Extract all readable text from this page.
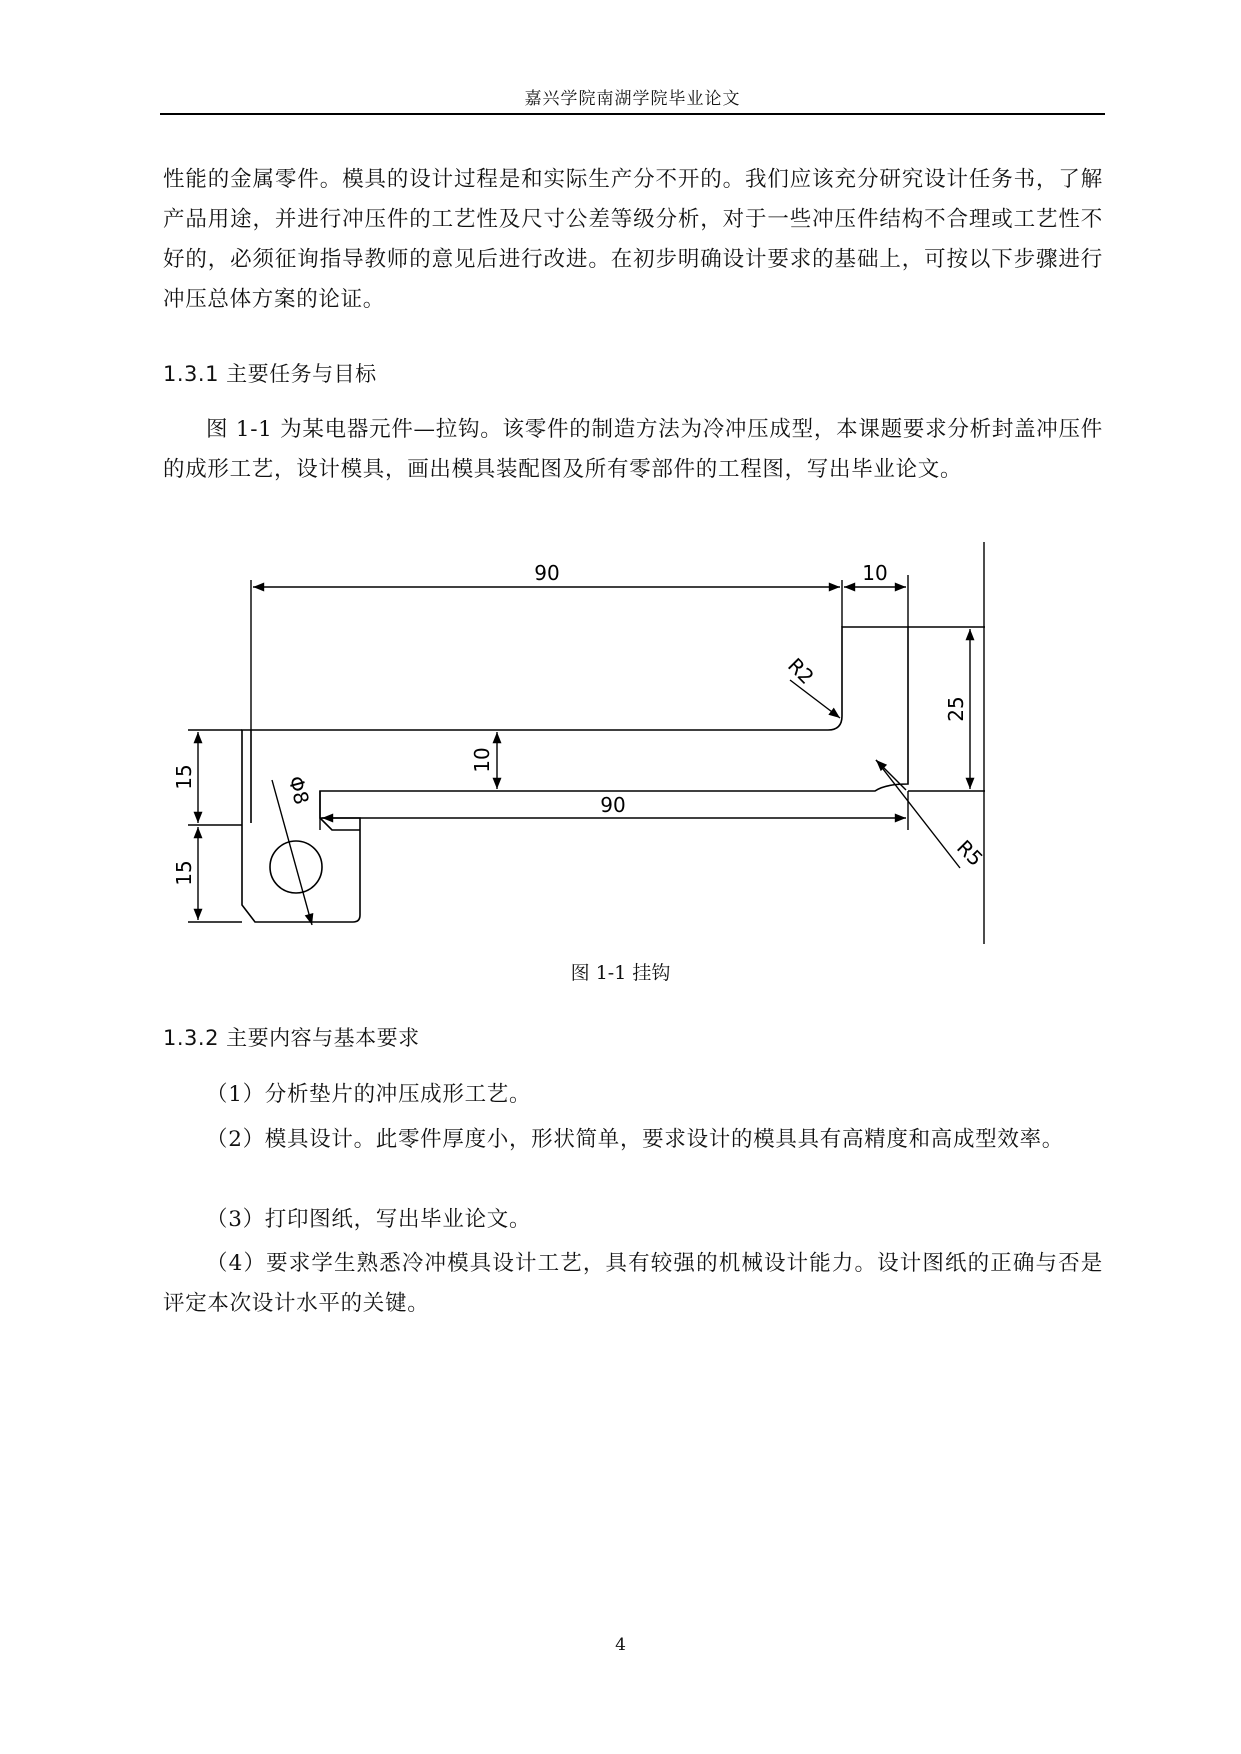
嘉兴学院南湖学院毕业论文

性能的金属零件。模具的设计过程是和实际生产分不开的。我们应该充分研究设计任务书，了解产品用途，并进行冲压件的工艺性及尺寸公差等级分析，对于一些冲压件结构不合理或工艺性不好的，必须征询指导教师的意见后进行改进。在初步明确设计要求的基础上，可按以下步骤进行冲压总体方案的论证。

1.3.1 主要任务与目标

图 1-1 为某电器元件—拉钩。该零件的制造方法为冷冲压成型，本课题要求分析封盖冲压件的成形工艺，设计模具，画出模具装配图及所有零部件的工程图，写出毕业论文。

90	10
25
R2
10
90
R5
15
15
Φ8
图 1-1 挂钩

1.3.2 主要内容与基本要求

（1）分析垫片的冲压成形工艺。

（2）模具设计。此零件厚度小，形状简单，要求设计的模具具有高精度和高成型效率。

（3）打印图纸，写出毕业论文。

（4）要求学生熟悉冷冲模具设计工艺，具有较强的机械设计能力。设计图纸的正确与否是评定本次设计水平的关键。

4
